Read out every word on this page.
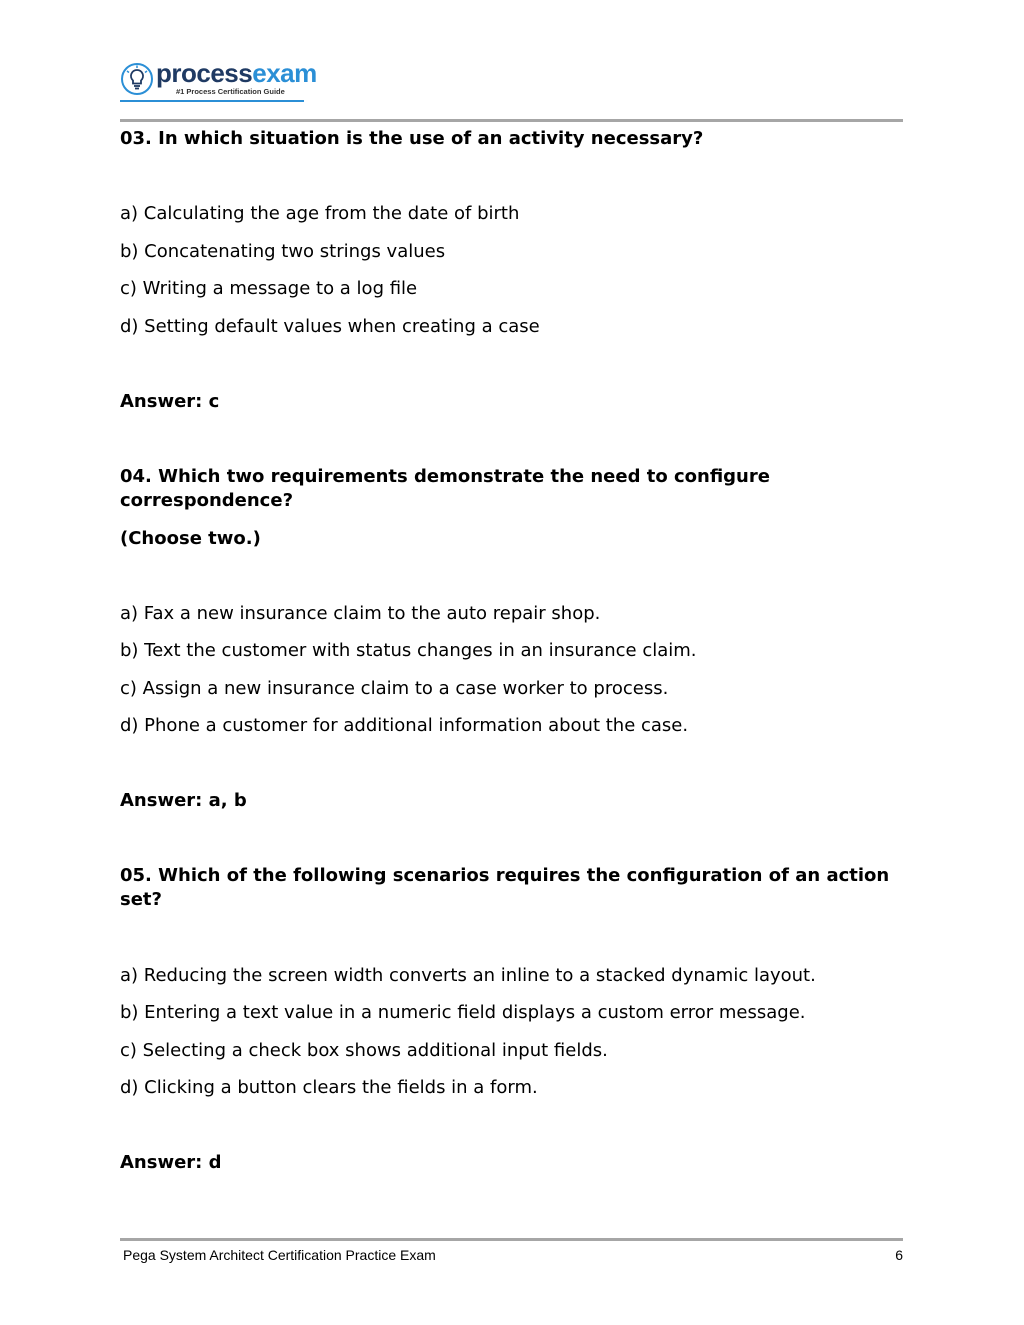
processexam
#1 Process Certification Guide
03. In which situation is the use of an activity necessary?
a) Calculating the age from the date of birth
b) Concatenating two strings values
c) Writing a message to a log file
d) Setting default values when creating a case
Answer: c
04. Which two requirements demonstrate the need to configure correspondence?
(Choose two.)
a) Fax a new insurance claim to the auto repair shop.
b) Text the customer with status changes in an insurance claim.
c) Assign a new insurance claim to a case worker to process.
d) Phone a customer for additional information about the case.
Answer: a, b
05. Which of the following scenarios requires the configuration of an action set?
a) Reducing the screen width converts an inline to a stacked dynamic layout.
b) Entering a text value in a numeric field displays a custom error message.
c) Selecting a check box shows additional input fields.
d) Clicking a button clears the fields in a form.
Answer: d
Pega System Architect Certification Practice Exam	6
